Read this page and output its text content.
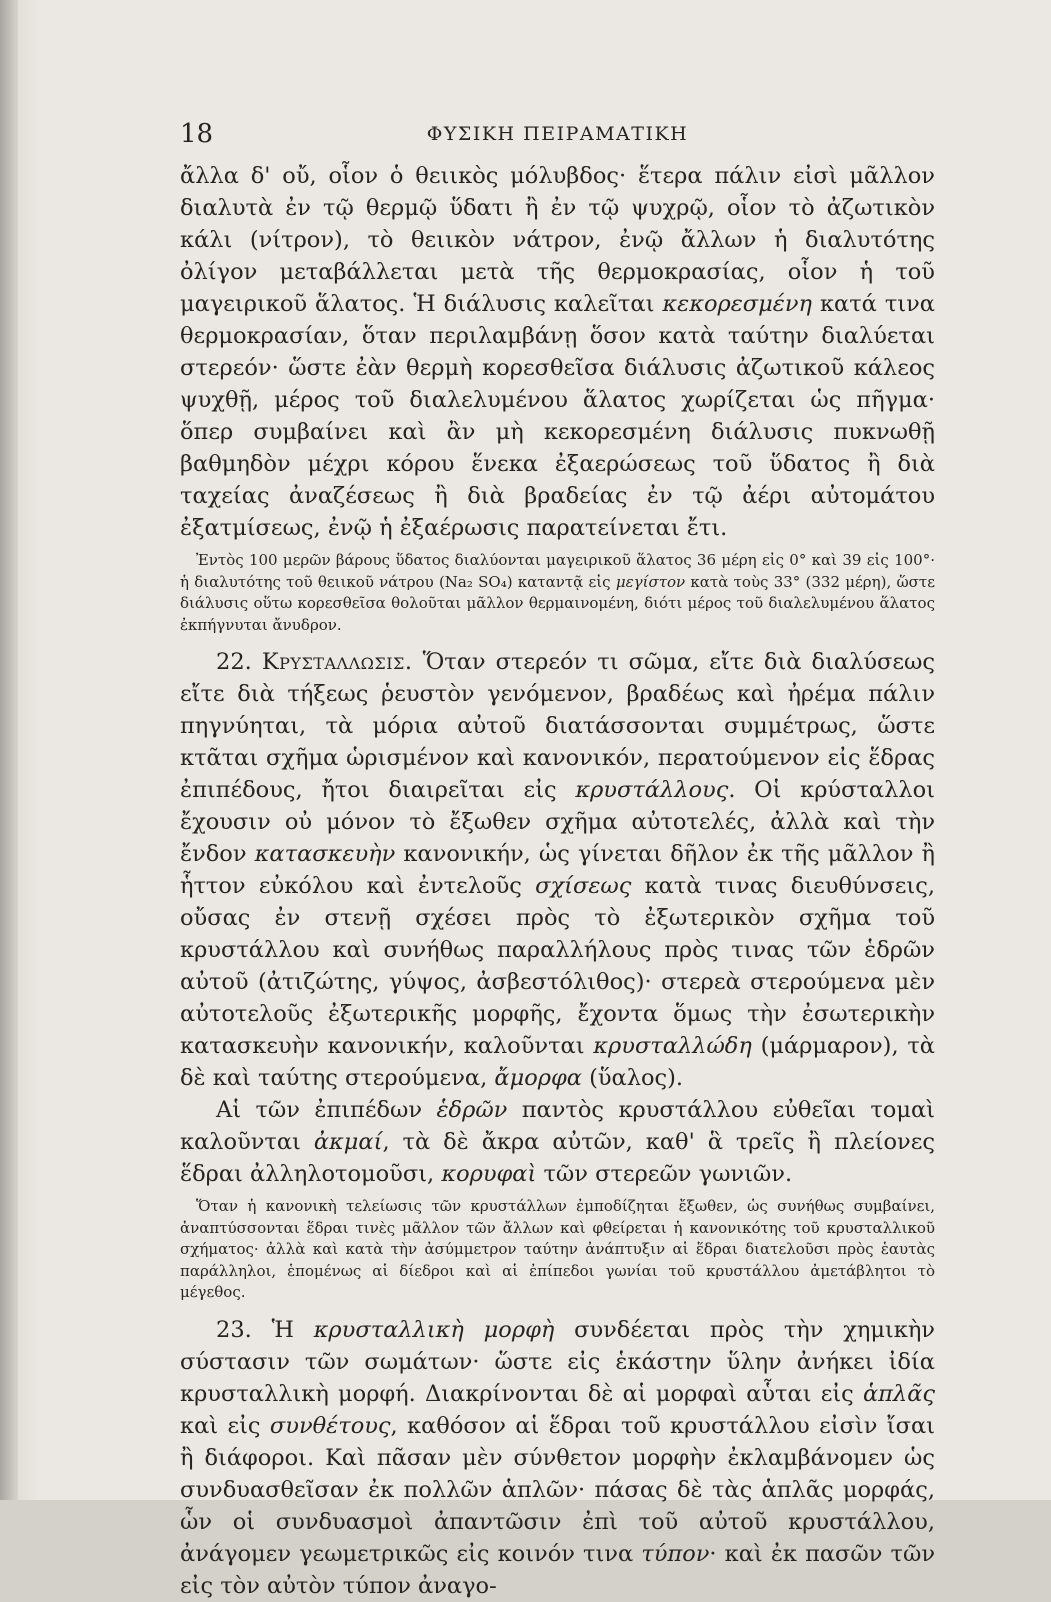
18	ΦΥΣΙΚΗ ΠΕΙΡΑΜΑΤΙΚΗ

ἄλλα δ' οὔ, οἷον ὁ θειικὸς μόλυβδος· ἕτερα πάλιν εἰσὶ μᾶλλον διαλυτὰ ἐν τῷ θερμῷ ὕδατι ἢ ἐν τῷ ψυχρῷ, οἷον τὸ ἀζωτικὸν κάλι (νίτρον), τὸ θειικὸν νάτρον, ἐνῷ ἄλλων ἡ διαλυτότης ὀλίγον μεταβάλλεται μετὰ τῆς θερμοκρασίας, οἷον ἡ τοῦ μαγειρικοῦ ἅλατος. Ἡ διάλυσις καλεῖται κεκορεσμένη κατά τινα θερμοκρασίαν, ὅταν περιλαμβάνῃ ὅσον κατὰ ταύτην διαλύεται στερεόν· ὥστε ἐὰν θερμὴ κορεσθεῖσα διάλυσις ἀζωτικοῦ κάλεος ψυχθῇ, μέρος τοῦ διαλελυμένου ἅλατος χωρίζεται ὡς πῆγμα· ὅπερ συμβαίνει καὶ ἂν μὴ κεκορεσμένη διάλυσις πυκνωθῇ βαθμηδὸν μέχρι κόρου ἕνεκα ἐξαερώσεως τοῦ ὕδατος ἢ διὰ ταχείας ἀναζέσεως ἢ διὰ βραδείας ἐν τῷ ἀέρι αὐτομάτου ἐξατμίσεως, ἐνῷ ἡ ἐξαέρωσις παρατείνεται ἔτι.

Ἐντὸς 100 μερῶν βάρους ὕδατος διαλύονται μαγειρικοῦ ἅλατος 36 μέρη εἰς 0° καὶ 39 εἰς 100°· ἡ διαλυτότης τοῦ θειικοῦ νάτρου (Na₂ SO₄) καταντᾷ εἰς μεγίστον κατὰ τοὺς 33° (332 μέρη), ὥστε διάλυσις οὕτω κορεσθεῖσα θολοῦται μᾶλλον θερμαινομένη, διότι μέρος τοῦ διαλελυμένου ἅλατος ἐκπήγνυται ἄνυδρον.

22. Κρυσταλλωσις. Ὅταν στερεόν τι σῶμα, εἴτε διὰ διαλύσεως εἴτε διὰ τήξεως ῥευστὸν γενόμενον, βραδέως καὶ ἠρέμα πάλιν πηγνύηται, τὰ μόρια αὐτοῦ διατάσσονται συμμέτρως, ὥστε κτᾶται σχῆμα ὡρισμένον καὶ κανονικόν, περατούμενον εἰς ἕδρας ἐπιπέδους, ἤτοι διαιρεῖται εἰς κρυστάλλους. Οἱ κρύσταλλοι ἔχουσιν οὐ μόνον τὸ ἔξωθεν σχῆμα αὐτοτελές, ἀλλὰ καὶ τὴν ἔνδον κατασκευὴν κανονικήν, ὡς γίνεται δῆλον ἐκ τῆς μᾶλλον ἢ ἧττον εὐκόλου καὶ ἐντελοῦς σχίσεως κατὰ τινας διευθύνσεις, οὔσας ἐν στενῇ σχέσει πρὸς τὸ ἐξωτερικὸν σχῆμα τοῦ κρυστάλλου καὶ συνήθως παραλλήλους πρὸς τινας τῶν ἑδρῶν αὐτοῦ (ἀτιζώτης, γύψος, ἀσβεστόλιθος)· στερεὰ στερούμενα μὲν αὐτοτελοῦς ἐξωτερικῆς μορφῆς, ἔχοντα ὅμως τὴν ἐσωτερικὴν κατασκευὴν κανονικήν, καλοῦνται κρυσταλλώδη (μάρμαρον), τὰ δὲ καὶ ταύτης στερούμενα, ἄμορφα (ὕαλος).

Αἱ τῶν ἐπιπέδων ἑδρῶν παντὸς κρυστάλλου εὐθεῖαι τομαὶ καλοῦνται ἀκμαί, τὰ δὲ ἄκρα αὐτῶν, καθ' ἃ τρεῖς ἢ πλείονες ἕδραι ἀλληλοτομοῦσι, κορυφαὶ τῶν στερεῶν γωνιῶν.

Ὅταν ἡ κανονικὴ τελείωσις τῶν κρυστάλλων ἐμποδίζηται ἔξωθεν, ὡς συνήθως συμβαίνει, ἀναπτύσσονται ἕδραι τινὲς μᾶλλον τῶν ἄλλων καὶ φθείρεται ἡ κανονικότης τοῦ κρυσταλλικοῦ σχήματος· ἀλλὰ καὶ κατὰ τὴν ἀσύμμετρον ταύτην ἀνάπτυξιν αἱ ἕδραι διατελοῦσι πρὸς ἑαυτὰς παράλληλοι, ἑπομένως αἱ δίεδροι καὶ αἱ ἐπίπεδοι γωνίαι τοῦ κρυστάλλου ἀμετάβλητοι τὸ μέγεθος.

23. Ἡ κρυσταλλικὴ μορφὴ συνδέεται πρὸς τὴν χημικὴν σύστασιν τῶν σωμάτων· ὥστε εἰς ἑκάστην ὕλην ἀνήκει ἰδία κρυσταλλικὴ μορφή. Διακρίνονται δὲ αἱ μορφαὶ αὗται εἰς ἁπλᾶς καὶ εἰς συνθέτους, καθόσον αἱ ἕδραι τοῦ κρυστάλλου εἰσὶν ἴσαι ἢ διάφοροι. Καὶ πᾶσαν μὲν σύνθετον μορφὴν ἐκλαμβάνομεν ὡς συνδυασθεῖσαν ἐκ πολλῶν ἁπλῶν· πάσας δὲ τὰς ἁπλᾶς μορφάς, ὧν οἱ συνδυασμοὶ ἀπαντῶσιν ἐπὶ τοῦ αὐτοῦ κρυστάλλου, ἀνάγομεν γεωμετρικῶς εἰς κοινόν τινα τύπον· καὶ ἐκ πασῶν τῶν εἰς τὸν αὐτὸν τύπον ἀναγο-
